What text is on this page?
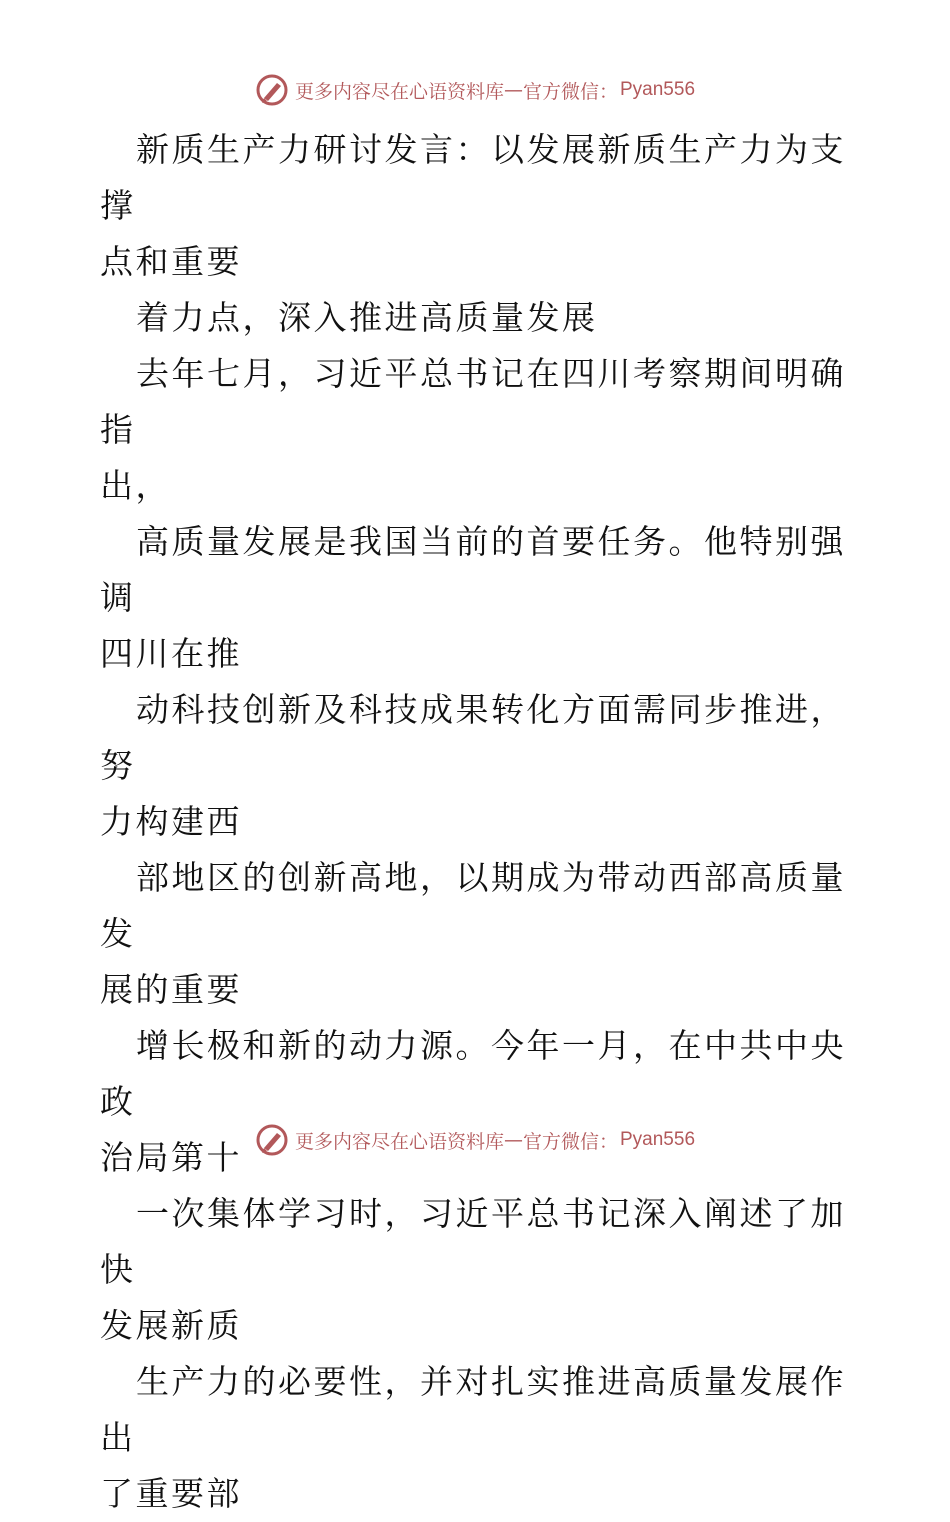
更多内容尽在心语资料库 — 官方微信： Pyan556

新质生产力研讨发言：以发展新质生产力为支撑
点和重要

着力点，深入推进高质量发展

去年七月，习近平总书记在四川考察期间明确指
出，

高质量发展是我国当前的首要任务。他特别强调
四川在推

动科技创新及科技成果转化方面需同步推进，努
力构建西

部地区的创新高地，以期成为带动西部高质量发
展的重要

增长极和新的动力源。今年一月，在中共中央政
治局第十

一次集体学习时，习近平总书记深入阐述了加快
发展新质

生产力的必要性，并对扎实推进高质量发展作出
了重要部

更多内容尽在心语资料库 — 官方微信： Pyan556
